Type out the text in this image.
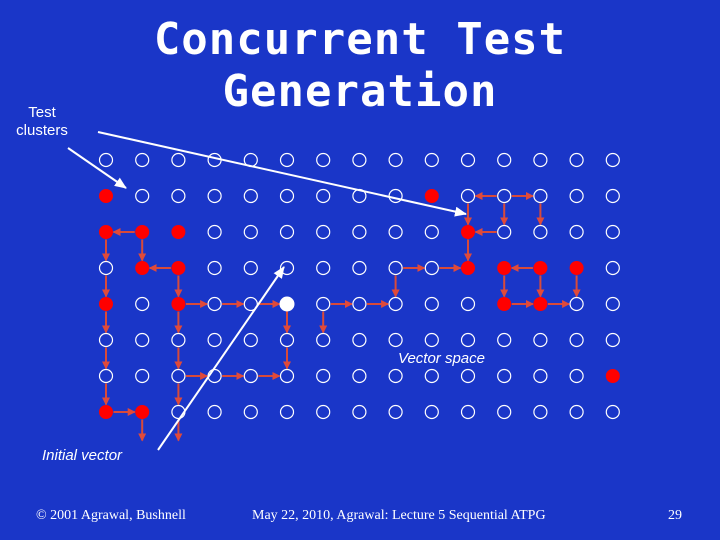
Concurrent Test
Generation
Test
clusters
Vector space
Initial vector
© 2001 Agrawal, Bushnell	May 22, 2010, Agrawal: Lecture 5 Sequential ATPG	29
